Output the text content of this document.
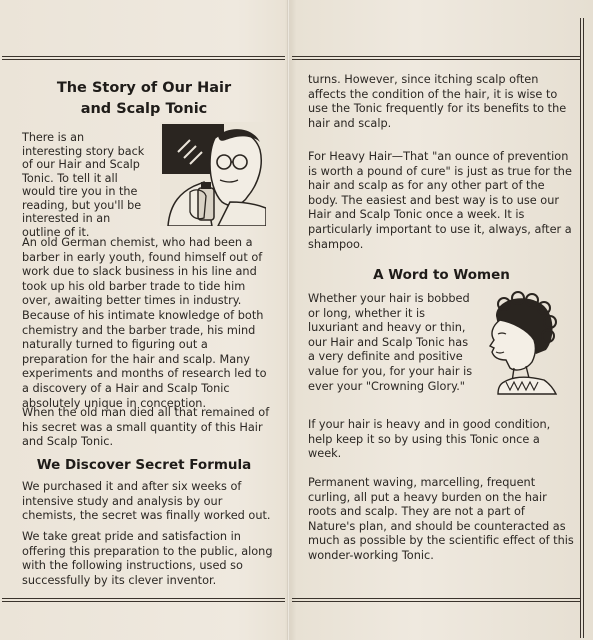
The Story of Our Hair
and Scalp Tonic

There is an interesting story back of our Hair and Scalp Tonic. To tell it all would tire you in the reading, but you'll be interested in an outline of it.

An old German chemist, who had been a barber in early youth, found himself out of work due to slack business in his line and took up his old barber trade to tide him over, awaiting better times in industry. Because of his intimate knowledge of both chemistry and the barber trade, his mind naturally turned to figuring out a preparation for the hair and scalp. Many experiments and months of research led to a discovery of a Hair and Scalp Tonic absolutely unique in conception.

When the old man died all that remained of his secret was a small quantity of this Hair and Scalp Tonic.

We Discover Secret Formula

We purchased it and after six weeks of intensive study and analysis by our chemists, the secret was finally worked out.

We take great pride and satisfaction in offering this preparation to the public, along with the following instructions, used so successfully by its clever inventor.

turns. However, since itching scalp often affects the condition of the hair, it is wise to use the Tonic frequently for its benefits to the hair and scalp.

For Heavy Hair—That "an ounce of prevention is worth a pound of cure" is just as true for the hair and scalp as for any other part of the body. The easiest and best way is to use our Hair and Scalp Tonic once a week. It is particularly important to use it, always, after a shampoo.

A Word to Women

Whether your hair is bobbed or long, whether it is luxuriant and heavy or thin, our Hair and Scalp Tonic has a very definite and positive value for you, for your hair is ever your "Crowning Glory."

If your hair is heavy and in good condition, help keep it so by using this Tonic once a week.

Permanent waving, marcelling, frequent curling, all put a heavy burden on the hair roots and scalp. They are not a part of Nature's plan, and should be counteracted as much as possible by the scientific effect of this wonder-working Tonic.
